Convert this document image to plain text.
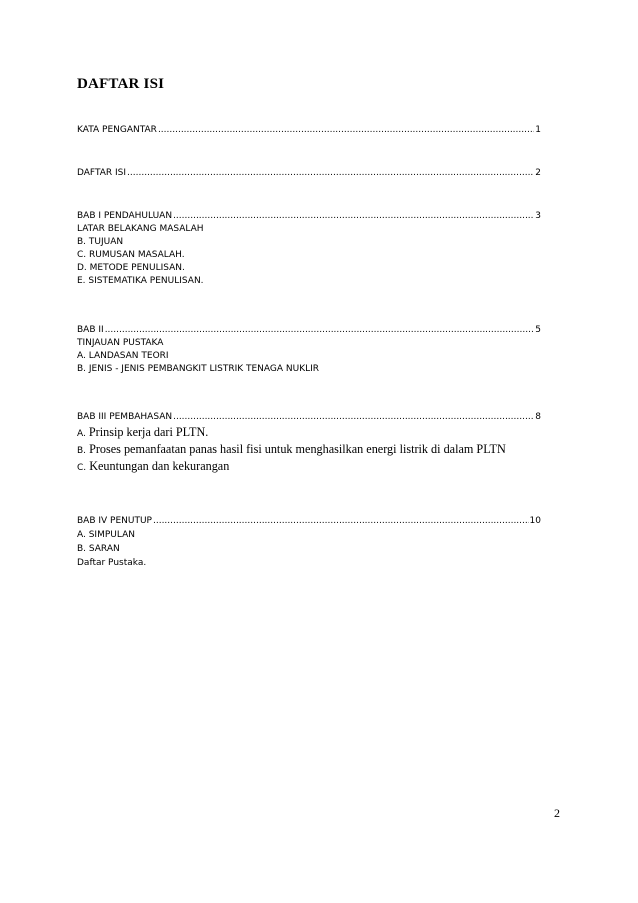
DAFTAR ISI
KATA PENGANTAR .....	1
DAFTAR ISI .....	2
BAB I PENDAHULUAN .....	3
LATAR BELAKANG MASALAH
B. TUJUAN
C. RUMUSAN MASALAH.
D. METODE PENULISAN.
E. SISTEMATIKA PENULISAN.
BAB II .....	5
TINJAUAN PUSTAKA
A. LANDASAN TEORI
B. JENIS - JENIS PEMBANGKIT LISTRIK TENAGA NUKLIR
BAB III PEMBAHASAN .....	8
A. Prinsip kerja dari PLTN.
B. Proses pemanfaatan panas hasil fisi untuk menghasilkan energi listrik di dalam PLTN
C. Keuntungan dan kekurangan
BAB IV PENUTUP .....	10
A. SIMPULAN
B. SARAN
Daftar Pustaka.
2
